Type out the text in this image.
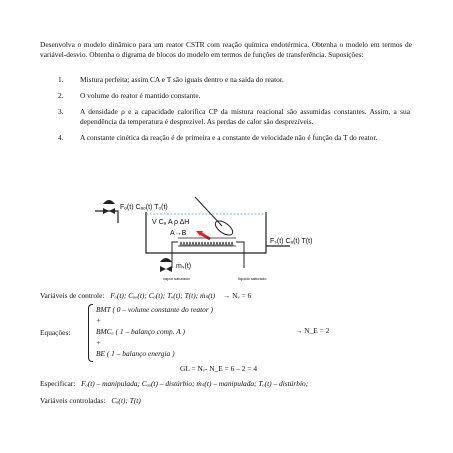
Desenvolva o modelo dinâmico para um reator CSTR com reação química endotérmica. Obtenha o modelo em termos de variável-desvio. Obtenha o digrama de blocos do modelo em termos de funções de transferência. Suposições:
1. Mistura perfeita; assim CA e T são iguais dentro e na saída do reator.
2. O volume do reator é mantido constante.
3. A densidade ρ e a capacidade calorífica CP da mistura reacional são assumidas constantes. Assim, a sua dependência da temperatura é desprezível. As perdas de calor são desprezíveis.
4. A constante cinética da reação é de primeira e a constante de velocidade não é função da T do reator.
Fₒ(t) Cₐₒ(t) Tₒ(t)
V Cₐ A ρ ΔH
A→B
Fₛ(t) Cₐ(t) T(t)
ṁₛ(t)
vapor saturado	líquido saturado
Variáveis de controle: Fₒ(t); Cₐₒ(t); Cₐ(t); Tₒ(t); T(t); ṁₛ(t) → Nᵥ = 6
Equações:
BMT ( 0 – volume constante do reator )
+
BMCₐ ( 1 – balanço comp. A )
+
BE ( 1 – balanço energia )
→ N_E = 2
GL = Nᵥ- N_E = 6 – 2 = 4
Especificar: Fₒ(t) – manipulada; Cₐₒ(t) – distúrbio; ṁₛ(t) – manipulada; Tₒ(t) – distúrbio;
Variáveis controladas: Cₐ(t); T(t)
